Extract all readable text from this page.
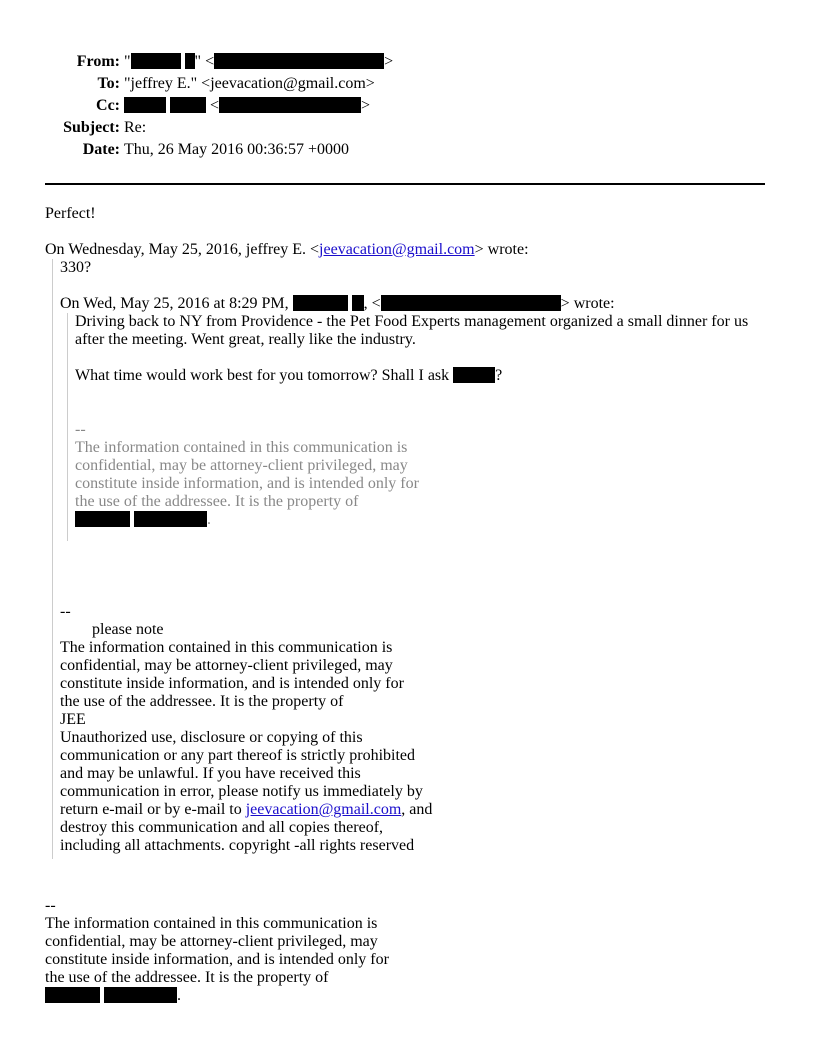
From: "	" <	>
To: "jeffrey E." <jeevacation@gmail.com>
Cc:	<	>
Subject: Re:
Date: Thu, 26 May 2016 00:36:57 +0000

Perfect!

On Wednesday, May 25, 2016, jeffrey E. <jeevacation@gmail.com> wrote:
330?
On Wed, May 25, 2016 at 8:29 PM,	, <	> wrote:

Driving back to NY from Providence - the Pet Food Experts management organized a small dinner for us after the meeting. Went great, really like the industry.

What time would work best for you tomorrow? Shall I ask	?

--
The information contained in this communication is
confidential, may be attorney-client privileged, may
constitute inside information, and is intended only for
the use of the addressee. It is the property of
.
--
please note
The information contained in this communication is
confidential, may be attorney-client privileged, may
constitute inside information, and is intended only for
the use of the addressee. It is the property of
JEE
Unauthorized use, disclosure or copying of this
communication or any part thereof is strictly prohibited
and may be unlawful. If you have received this
communication in error, please notify us immediately by
return e-mail or by e-mail to jeevacation@gmail.com, and
destroy this communication and all copies thereof,
including all attachments. copyright -all rights reserved
--
The information contained in this communication is
confidential, may be attorney-client privileged, may
constitute inside information, and is intended only for
the use of the addressee. It is the property of
.
